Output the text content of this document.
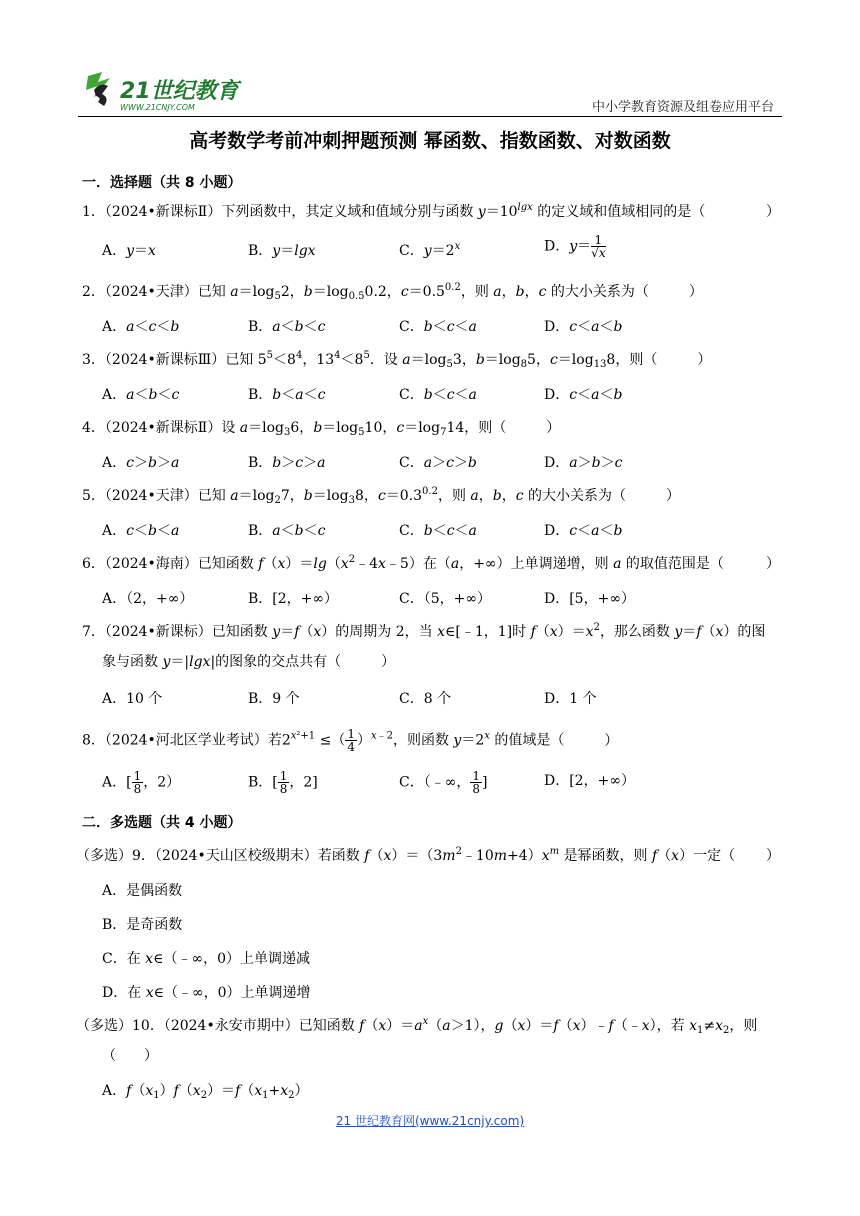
21世纪教育
WWW.21CNJY.COM	中小学教育资源及组卷应用平台
高考数学考前冲刺押题预测 幂函数、指数函数、对数函数
一．选择题（共 8 小题）
1．（2024•新课标Ⅱ）下列函数中，其定义域和值域分别与函数 $y=10^{lgx}$ 的定义域和值域相同的是（	）
A．y＝x	B．y＝lgx	C．$y=2^x$	D．$y= \frac{1}{√x}$
2．（2024•天津）已知 $a=\log_52$，$b=\log_{0.5}0.2$，$c=0.5^{0.2}$，则 a，b，c 的大小关系为（	）
A．a＜c＜b	B．a＜b＜c	C．b＜c＜a	D．c＜a＜b
3．（2024•新课标Ⅲ）已知 $5^5<8^4$，$13^4<8^5$．设 $a=\log_53$，$b=\log_85$，$c=\log_{13}8$，则（	）
A．a＜b＜c	B．b＜a＜c	C．b＜c＜a	D．c＜a＜b
4．（2024•新课标Ⅱ）设 $a=\log_36$，$b=\log_510$，$c=\log_714$，则（	）
A．c＞b＞a	B．b＞c＞a	C．a＞c＞b	D．a＞b＞c
5．（2024•天津）已知 $a=\log_27$，$b=\log_38$，$c=0.3^{0.2}$，则 a，b，c 的大小关系为（	）
A．c＜b＜a	B．a＜b＜c	C．b＜c＜a	D．c＜a＜b
6．（2024•海南）已知函数 $f(x)=\lg(x^2﹣4x﹣5)$在（a，+∞）上单调递增，则 a 的取值范围是（	）
A．（2，+∞）	B．[2，+∞）	C．（5，+∞）	D．[5，+∞）
7．（2024•新课标）已知函数 y＝f（x）的周期为 2，当 x∈[﹣1，1]时 $f(x)=x^2$，那么函数 y＝f（x）的图
象与函数 y＝|lgx|的图象的交点共有（	）
A．10 个	B．9 个	C．8 个	D．1 个
8．（2024•河北区学业考试）若$2^{x^2+1}$ ≤（ $\frac{1}{4} )^{x﹣2}$，则函数 $y=2^x$ 的值域是（	）
A．[ $\frac{1}{8}$ ，2）	B．[ $\frac{1}{8}$ ，2]	C．（﹣∞， $\frac{1}{8}$ ]	D．[2，+∞）
二．多选题（共 4 小题）
（多选）9．（2024•天山区校级期末）若函数 $f(x)=(3m^2﹣10m+4)x^m$ 是幂函数，则 f（x）一定（ ）
A．是偶函数
B．是奇函数
C．在 x∈（﹣∞，0）上单调递减
D．在 x∈（﹣∞，0）上单调递增
（多选）10．（2024•永安市期中）已知函数 $f(x)=a^x(a>1)$，g（x）＝f（x）﹣f（﹣x），若 $x_1\ne x_2$，则
（　　）
A．$f(x_1)f(x_2)=f(x_1+x_2)$
21 世纪教育网(www.21cnjy.com)
